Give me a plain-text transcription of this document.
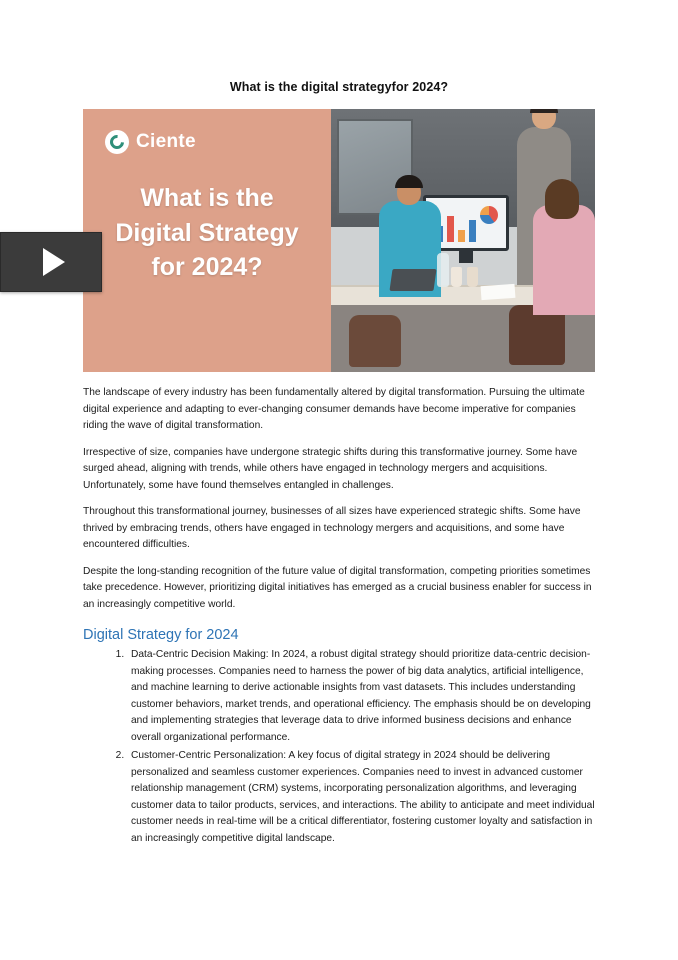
What is the digital strategyfor 2024?
Ciente
What is the
Digital Strategy
for 2024?

The landscape of every industry has been fundamentally altered by digital transformation. Pursuing the ultimate digital experience and adapting to ever-changing consumer demands have become imperative for companies riding the wave of digital transformation.

Irrespective of size, companies have undergone strategic shifts during this transformative journey. Some have surged ahead, aligning with trends, while others have engaged in technology mergers and acquisitions. Unfortunately, some have found themselves entangled in challenges.

Throughout this transformational journey, businesses of all sizes have experienced strategic shifts. Some have thrived by embracing trends, others have engaged in technology mergers and acquisitions, and some have encountered difficulties.

Despite the long-standing recognition of the future value of digital transformation, competing priorities sometimes take precedence. However, prioritizing digital initiatives has emerged as a crucial business enabler for success in an increasingly competitive world.

Digital Strategy for 2024
1. Data-Centric Decision Making: In 2024, a robust digital strategy should prioritize data-centric decision-making processes. Companies need to harness the power of big data analytics, artificial intelligence, and machine learning to derive actionable insights from vast datasets. This includes understanding customer behaviors, market trends, and operational efficiency. The emphasis should be on developing and implementing strategies that leverage data to drive informed business decisions and enhance overall organizational performance.
2. Customer-Centric Personalization: A key focus of digital strategy in 2024 should be delivering personalized and seamless customer experiences. Companies need to invest in advanced customer relationship management (CRM) systems, incorporating personalization algorithms, and leveraging customer data to tailor products, services, and interactions. The ability to anticipate and meet individual customer needs in real-time will be a critical differentiator, fostering customer loyalty and satisfaction in an increasingly competitive digital landscape.
